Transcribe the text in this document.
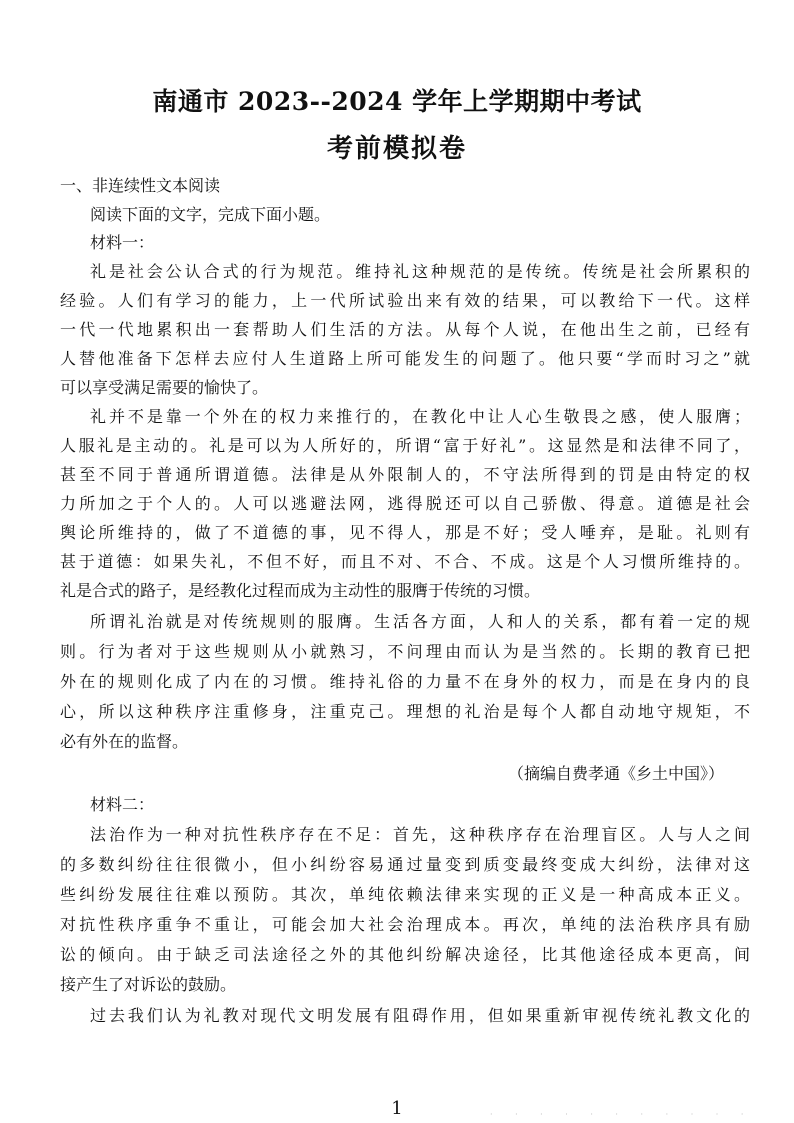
南通市 2023--2024 学年上学期期中考试
考前模拟卷
一、非连续性文本阅读
阅读下面的文字，完成下面小题。
材料一：
礼是社会公认合式的行为规范。维持礼这种规范的是传统。传统是社会所累积的
经验。人们有学习的能力，上一代所试验出来有效的结果，可以教给下一代。这样
一代一代地累积出一套帮助人们生活的方法。从每个人说，在他出生之前，已经有
人替他准备下怎样去应付人生道路上所可能发生的问题了。他只要“学而时习之”就
可以享受满足需要的愉快了。
礼并不是靠一个外在的权力来推行的，在教化中让人心生敬畏之感，使人服膺；
人服礼是主动的。礼是可以为人所好的，所谓“富于好礼”。这显然是和法律不同了，
甚至不同于普通所谓道德。法律是从外限制人的，不守法所得到的罚是由特定的权
力所加之于个人的。人可以逃避法网，逃得脱还可以自己骄傲、得意。道德是社会
舆论所维持的，做了不道德的事，见不得人，那是不好；受人唾弃，是耻。礼则有
甚于道德：如果失礼，不但不好，而且不对、不合、不成。这是个人习惯所维持的。
礼是合式的路子，是经教化过程而成为主动性的服膺于传统的习惯。
所谓礼治就是对传统规则的服膺。生活各方面，人和人的关系，都有着一定的规
则。行为者对于这些规则从小就熟习，不问理由而认为是当然的。长期的教育已把
外在的规则化成了内在的习惯。维持礼俗的力量不在身外的权力，而是在身内的良
心，所以这种秩序注重修身，注重克己。理想的礼治是每个人都自动地守规矩，不
必有外在的监督。
（摘编自费孝通《乡土中国》）
材料二：
法治作为一种对抗性秩序存在不足：首先，这种秩序存在治理盲区。人与人之间
的多数纠纷往往很微小，但小纠纷容易通过量变到质变最终变成大纠纷，法律对这
些纠纷发展往往难以预防。其次，单纯依赖法律来实现的正义是一种高成本正义。
对抗性秩序重争不重让，可能会加大社会治理成本。再次，单纯的法治秩序具有励
讼的倾向。由于缺乏司法途径之外的其他纠纷解决途径，比其他途径成本更高，间
接产生了对诉讼的鼓励。
过去我们认为礼教对现代文明发展有阻碍作用，但如果重新审视传统礼教文化的
1	· · · · · · · · · · ·
